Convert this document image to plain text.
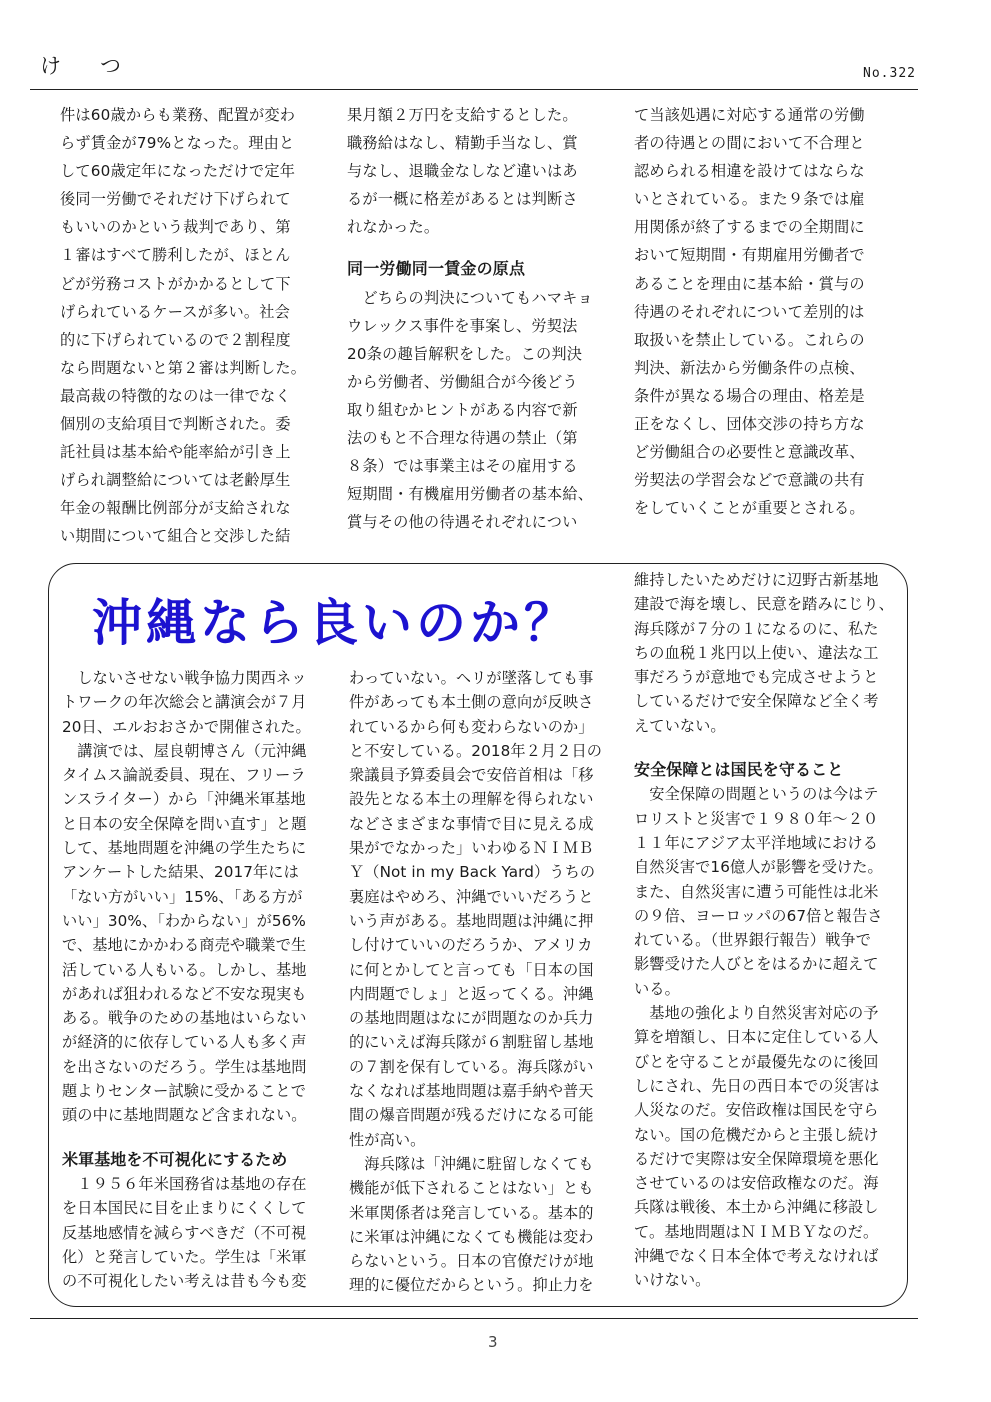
け つ	No.322

件は60歳からも業務、配置が変わ

らず賃金が79%となった。理由と

して60歳定年になっただけで定年

後同一労働でそれだけ下げられて

もいいのかという裁判であり、第

１審はすべて勝利したが、ほとん

どが労務コストがかかるとして下

げられているケースが多い。社会

的に下げられているので２割程度

なら問題ないと第２審は判断した。

最高裁の特徴的なのは一律でなく

個別の支給項目で判断された。委

託社員は基本給や能率給が引き上

げられ調整給については老齢厚生

年金の報酬比例部分が支給されな

い期間について組合と交渉した結

果月額２万円を支給するとした。

職務給はなし、精勤手当なし、賞

与なし、退職金なしなど違いはあ

るが一概に格差があるとは判断さ

れなかった。

同一労働同一賃金の原点

　どちらの判決についてもハマキョ

ウレックス事件を事案し、労契法

20条の趣旨解釈をした。この判決

から労働者、労働組合が今後どう

取り組むかヒントがある内容で新

法のもと不合理な待遇の禁止（第

８条）では事業主はその雇用する

短期間・有機雇用労働者の基本給、

賞与その他の待遇それぞれについ

て当該処遇に対応する通常の労働

者の待遇との間において不合理と

認められる相違を設けてはならな

いとされている。また９条では雇

用関係が終了するまでの全期間に

おいて短期間・有期雇用労働者で

あることを理由に基本給・賞与の

待遇のそれぞれについて差別的は

取扱いを禁止している。これらの

判決、新法から労働条件の点検、

条件が異なる場合の理由、格差是

正をなくし、団体交渉の持ち方な

ど労働組合の必要性と意識改革、

労契法の学習会などで意識の共有

をしていくことが重要とされる。

沖縄なら良いのか？

　しないさせない戦争協力関西ネッ

トワークの年次総会と講演会が７月

20日、エルおおさかで開催された。

　講演では、屋良朝博さん（元沖縄

タイムス論説委員、現在、フリーラ

ンスライター）から「沖縄米軍基地

と日本の安全保障を問い直す」と題

して、基地問題を沖縄の学生たちに

アンケートした結果、2017年には

「ない方がいい」15%、「ある方が

いい」30%、「わからない」が56%

で、基地にかかわる商売や職業で生

活している人もいる。しかし、基地

があれば狙われるなど不安な現実も

ある。戦争のための基地はいらない

が経済的に依存している人も多く声

を出さないのだろう。学生は基地問

題よりセンター試験に受かることで

頭の中に基地問題など含まれない。

米軍基地を不可視化にするため

　１９５６年米国務省は基地の存在

を日本国民に目を止まりにくくして

反基地感情を減らすべきだ（不可視

化）と発言していた。学生は「米軍

の不可視化したい考えは昔も今も変

わっていない。ヘリが墜落しても事

件があっても本土側の意向が反映さ

れているから何も変わらないのか」

と不安している。2018年２月２日の

衆議員予算委員会で安倍首相は「移

設先となる本土の理解を得られない

などさまざまな事情で目に見える成

果がでなかった」いわゆるＮＩＭＢ

Ｙ（Not in my Back Yard）うちの

裏庭はやめろ、沖縄でいいだろうと

いう声がある。基地問題は沖縄に押

し付けていいのだろうか、アメリカ

に何とかしてと言っても「日本の国

内問題でしょ」と返ってくる。沖縄

の基地問題はなにが問題なのか兵力

的にいえば海兵隊が６割駐留し基地

の７割を保有している。海兵隊がい

なくなれば基地問題は嘉手納や普天

間の爆音問題が残るだけになる可能

性が高い。

　海兵隊は「沖縄に駐留しなくても

機能が低下されることはない」とも

米軍関係者は発言している。基本的

に米軍は沖縄になくても機能は変わ

らないという。日本の官僚だけが地

理的に優位だからという。抑止力を

維持したいためだけに辺野古新基地

建設で海を壊し、民意を踏みにじり、

海兵隊が７分の１になるのに、私た

ちの血税１兆円以上使い、違法な工

事だろうが意地でも完成させようと

しているだけで安全保障など全く考

えていない。

安全保障とは国民を守ること

　安全保障の問題というのは今はテ

ロリストと災害で１９８０年～２０

１１年にアジア太平洋地域における

自然災害で16億人が影響を受けた。

また、自然災害に遭う可能性は北米

の９倍、ヨーロッパの67倍と報告さ

れている。（世界銀行報告）戦争で

影響受けた人びとをはるかに超えて

いる。

　基地の強化より自然災害対応の予

算を増額し、日本に定住している人

びとを守ることが最優先なのに後回

しにされ、先日の西日本での災害は

人災なのだ。安倍政権は国民を守ら

ない。国の危機だからと主張し続け

るだけで実際は安全保障環境を悪化

させているのは安倍政権なのだ。海

兵隊は戦後、本土から沖縄に移設し

て。基地問題はＮＩＭＢＹなのだ。

沖縄でなく日本全体で考えなければ

いけない。

3
